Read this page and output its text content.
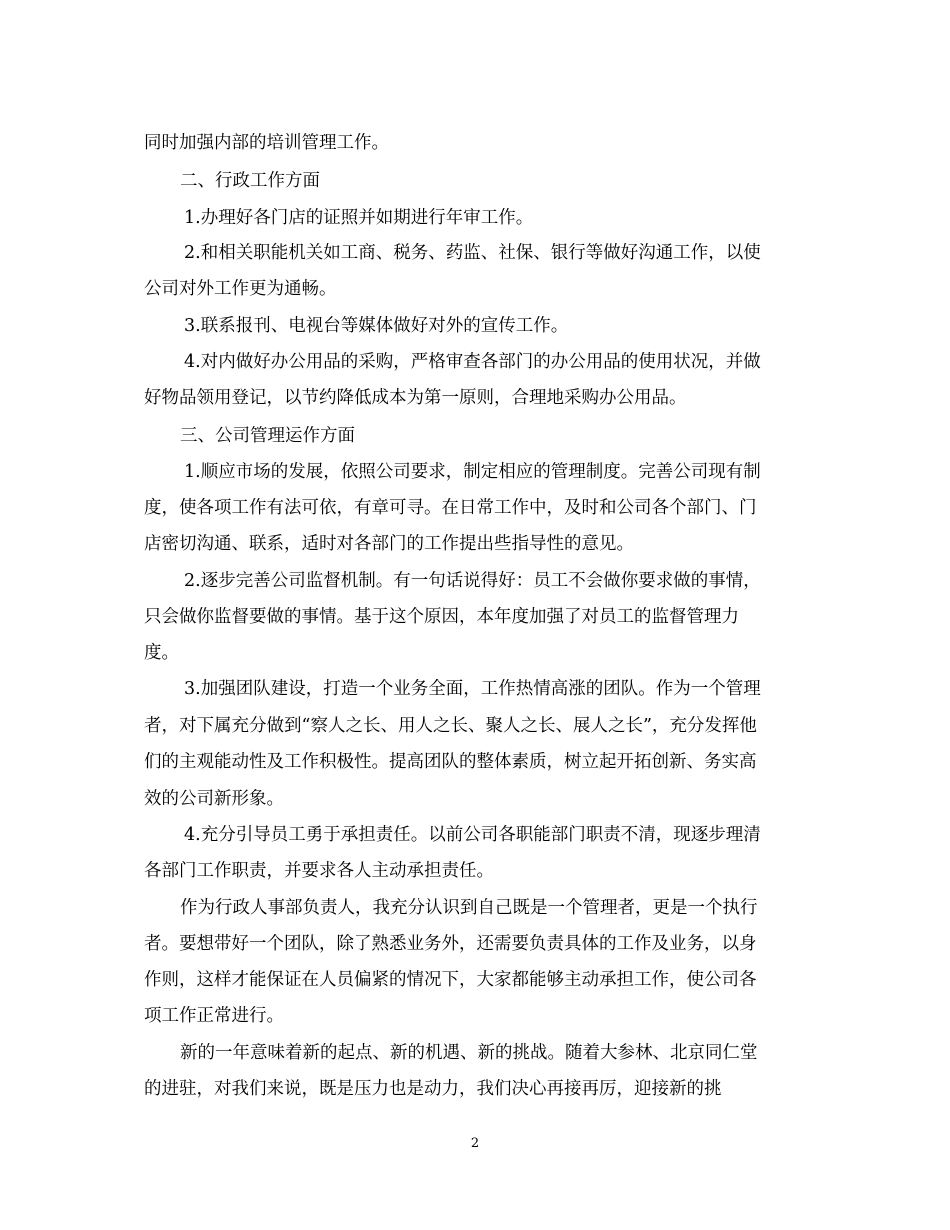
同时加强内部的培训管理工作。
二、行政工作方面
1.办理好各门店的证照并如期进行年审工作。
2.和相关职能机关如工商、税务、药监、社保、银行等做好沟通工作，以使
公司对外工作更为通畅。
3.联系报刊、电视台等媒体做好对外的宣传工作。
4.对内做好办公用品的采购，严格审查各部门的办公用品的使用状况，并做
好物品领用登记，以节约降低成本为第一原则，合理地采购办公用品。
三、公司管理运作方面
1.顺应市场的发展，依照公司要求，制定相应的管理制度。完善公司现有制
度，使各项工作有法可依，有章可寻。在日常工作中，及时和公司各个部门、门
店密切沟通、联系，适时对各部门的工作提出些指导性的意见。
2.逐步完善公司监督机制。有一句话说得好：员工不会做你要求做的事情，
只会做你监督要做的事情。基于这个原因，本年度加强了对员工的监督管理力
度。
3.加强团队建设，打造一个业务全面，工作热情高涨的团队。作为一个管理
者，对下属充分做到“察人之长、用人之长、聚人之长、展人之长”，充分发挥他
们的主观能动性及工作积极性。提高团队的整体素质，树立起开拓创新、务实高
效的公司新形象。
4.充分引导员工勇于承担责任。以前公司各职能部门职责不清，现逐步理清
各部门工作职责，并要求各人主动承担责任。
作为行政人事部负责人，我充分认识到自己既是一个管理者，更是一个执行
者。要想带好一个团队，除了熟悉业务外，还需要负责具体的工作及业务，以身
作则，这样才能保证在人员偏紧的情况下，大家都能够主动承担工作，使公司各
项工作正常进行。
新的一年意味着新的起点、新的机遇、新的挑战。随着大参林、北京同仁堂
的进驻，对我们来说，既是压力也是动力，我们决心再接再厉，迎接新的挑
2
